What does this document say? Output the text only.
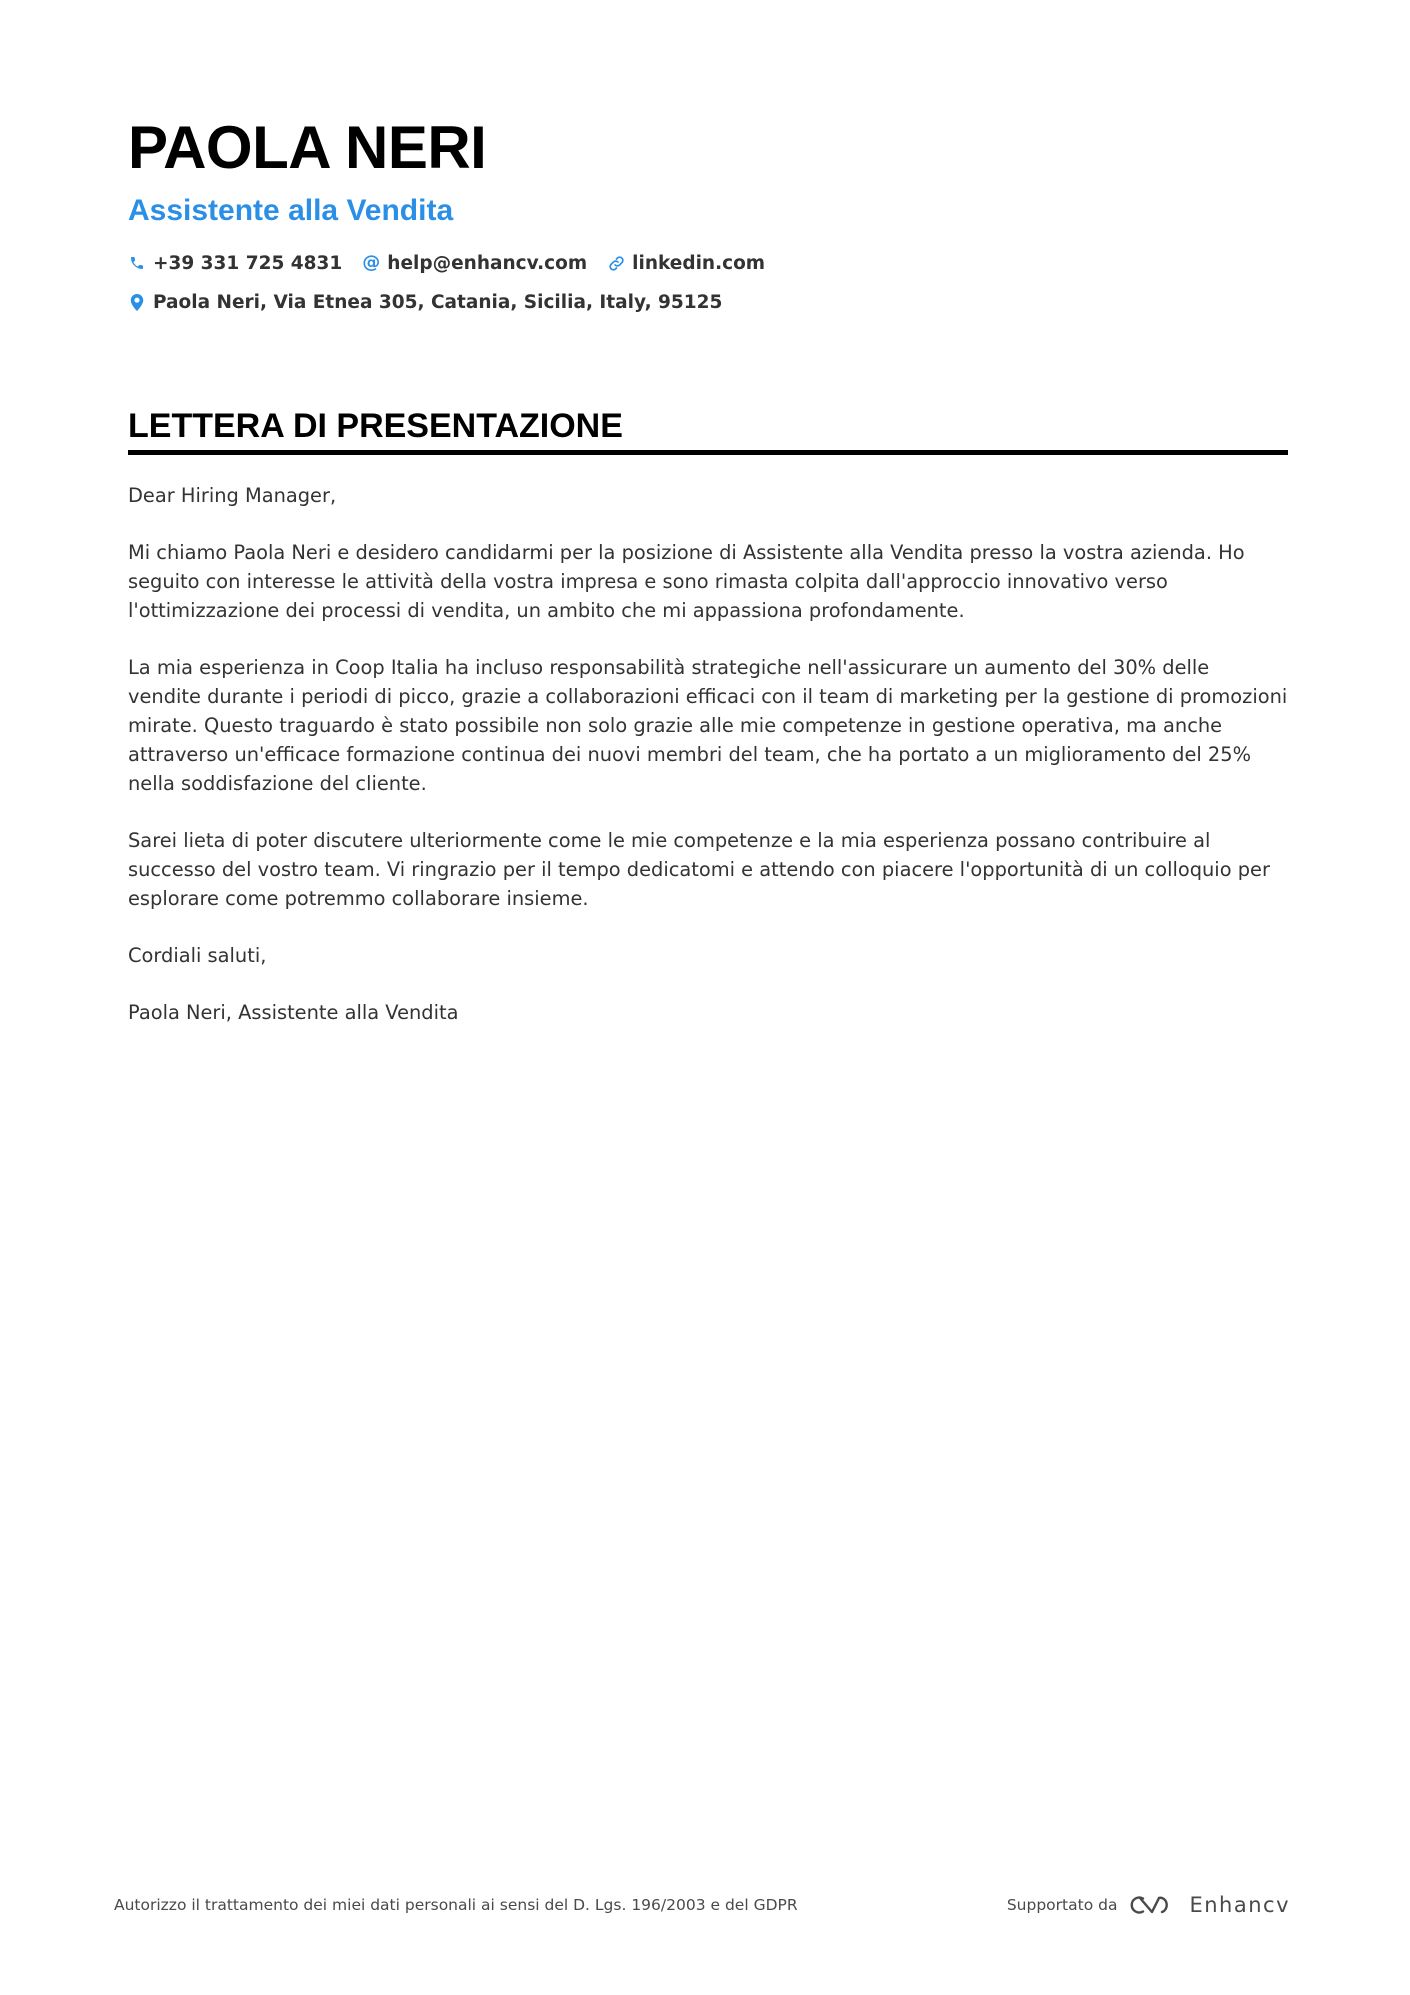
PAOLA NERI
Assistente alla Vendita
+39 331 725 4831 @ help@enhancv.com linkedin.com
Paola Neri, Via Etnea 305, Catania, Sicilia, Italy, 95125
LETTERA DI PRESENTAZIONE

Dear Hiring Manager,

Mi chiamo Paola Neri e desidero candidarmi per la posizione di Assistente alla Vendita presso la vostra azienda. Ho seguito con interesse le attività della vostra impresa e sono rimasta colpita dall'approccio innovativo verso l'ottimizzazione dei processi di vendita, un ambito che mi appassiona profondamente.

La mia esperienza in Coop Italia ha incluso responsabilità strategiche nell'assicurare un aumento del 30% delle vendite durante i periodi di picco, grazie a collaborazioni efficaci con il team di marketing per la gestione di promozioni mirate. Questo traguardo è stato possibile non solo grazie alle mie competenze in gestione operativa, ma anche attraverso un'efficace formazione continua dei nuovi membri del team, che ha portato a un miglioramento del 25% nella soddisfazione del cliente.

Sarei lieta di poter discutere ulteriormente come le mie competenze e la mia esperienza possano contribuire al successo del vostro team. Vi ringrazio per il tempo dedicatomi e attendo con piacere l'opportunità di un colloquio per esplorare come potremmo collaborare insieme.

Cordiali saluti,

Paola Neri, Assistente alla Vendita

Autorizzo il trattamento dei miei dati personali ai sensi del D. Lgs. 196/2003 e del GDPR	Supportato da	Enhancv
